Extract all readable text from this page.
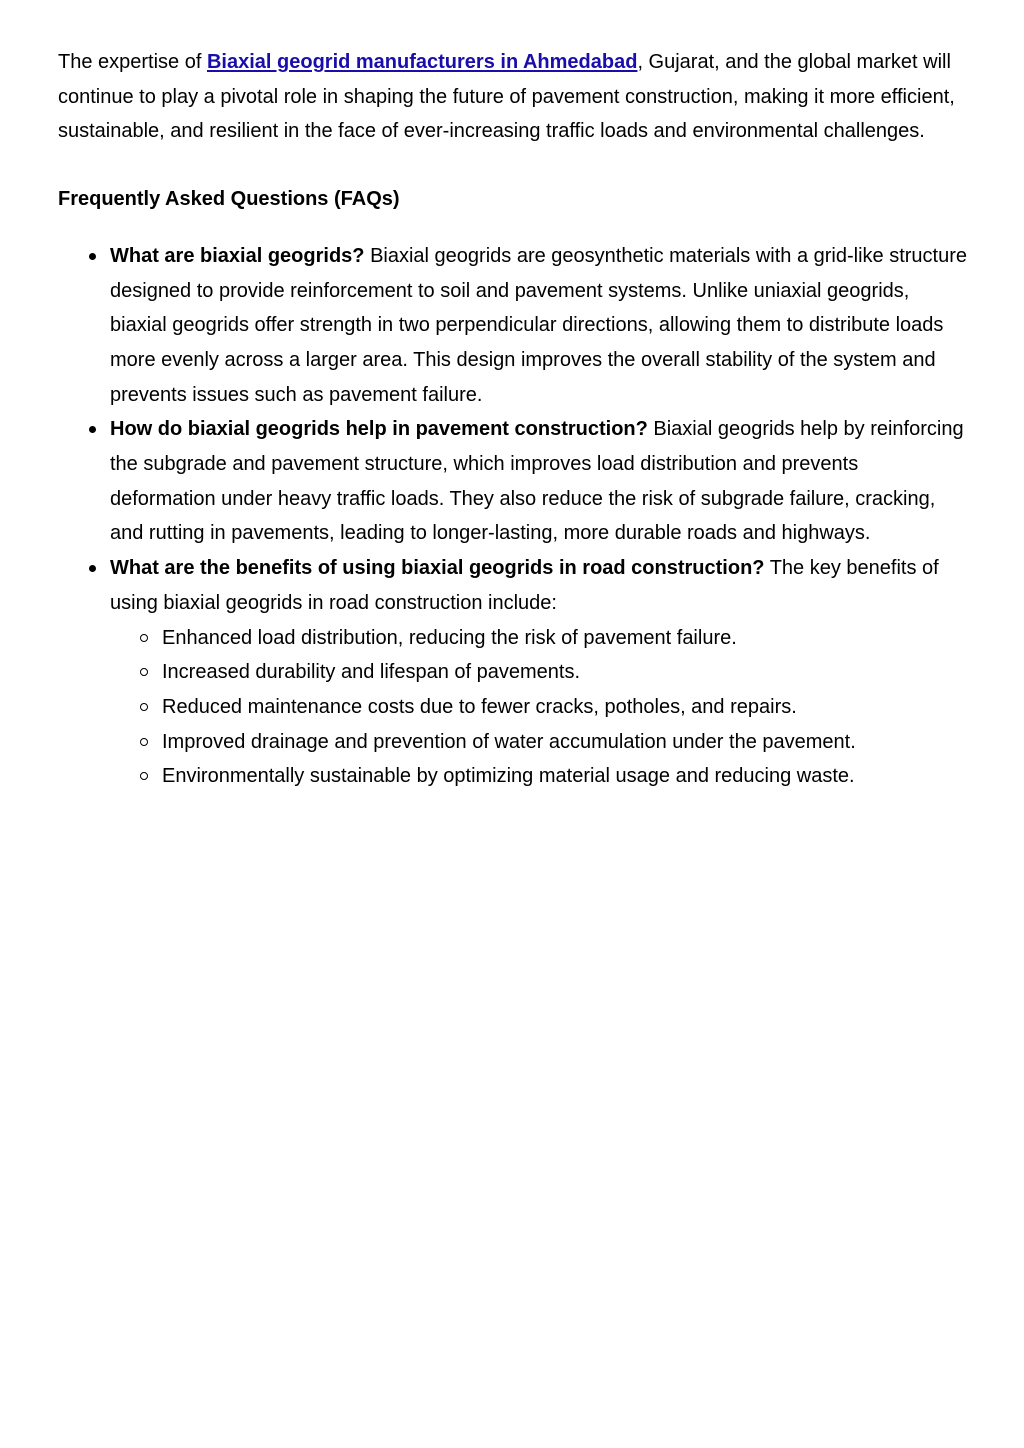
The expertise of Biaxial geogrid manufacturers in Ahmedabad, Gujarat, and the global market will continue to play a pivotal role in shaping the future of pavement construction, making it more efficient, sustainable, and resilient in the face of ever-increasing traffic loads and environmental challenges.

Frequently Asked Questions (FAQs)
What are biaxial geogrids? Biaxial geogrids are geosynthetic materials with a grid-like structure designed to provide reinforcement to soil and pavement systems. Unlike uniaxial geogrids, biaxial geogrids offer strength in two perpendicular directions, allowing them to distribute loads more evenly across a larger area. This design improves the overall stability of the system and prevents issues such as pavement failure.
How do biaxial geogrids help in pavement construction? Biaxial geogrids help by reinforcing the subgrade and pavement structure, which improves load distribution and prevents deformation under heavy traffic loads. They also reduce the risk of subgrade failure, cracking, and rutting in pavements, leading to longer-lasting, more durable roads and highways.
What are the benefits of using biaxial geogrids in road construction? The key benefits of using biaxial geogrids in road construction include:
Enhanced load distribution, reducing the risk of pavement failure.
Increased durability and lifespan of pavements.
Reduced maintenance costs due to fewer cracks, potholes, and repairs.
Improved drainage and prevention of water accumulation under the pavement.
Environmentally sustainable by optimizing material usage and reducing waste.
